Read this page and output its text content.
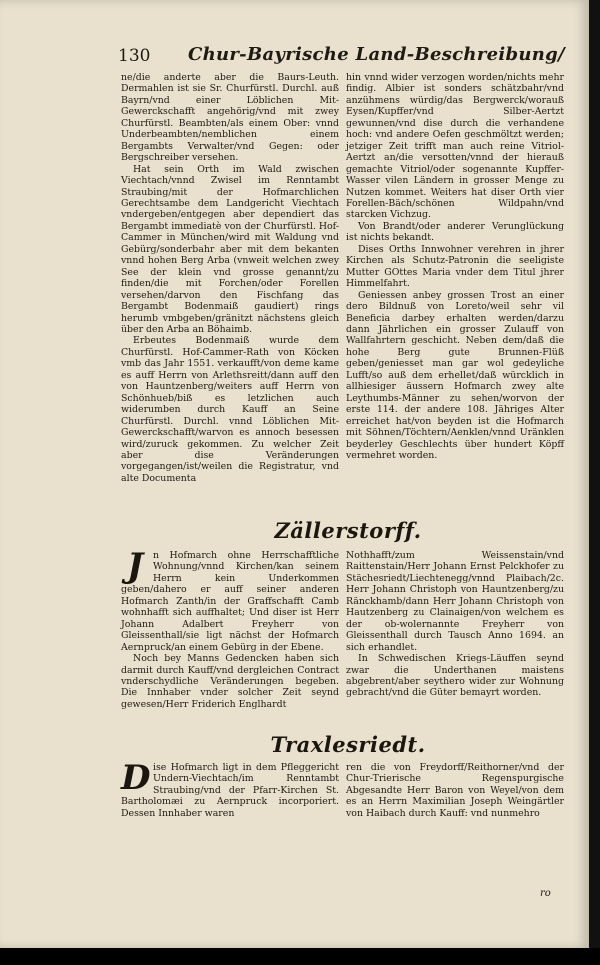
130 Chur-Bayrische Land-Beschreibung/

ne/die anderte aber die Baurs-Leuth. Dermahlen ist sie Sr. Churfürstl. Durchl. auß Bayrn/vnd einer Löblichen Mit-Gewerckschafft angehörig/vnd mit zwey Churfürstl. Beambten/als einem Ober: vnnd Underbeambten/nemblichen einem Bergambts Verwalter/vnd Gegen: oder Bergschreiber versehen.

Hat sein Orth im Wald zwischen Viechtach/vnnd Zwisel im Renntambt Straubing/mit der Hofmarchlichen Gerechtsambe dem Landgericht Viechtach vndergeben/entgegen aber dependiert das Bergambt immediatè von der Churfürstl. Hof-Cammer in München/wird mit Waldung vnd Gebürg/sonderbahr aber mit dem bekanten vnnd hohen Berg Arba (vnweit welchen zwey See der klein vnd grosse genannt/zu finden/die mit Forchen/oder Forellen versehen/darvon den Fischfang das Bergambt Bodenmaiß gaudiert) rings herumb vmbgeben/gränitzt nächstens gleich über den Arba an Böhaimb.

Erbeutes Bodenmaiß wurde dem Churfürstl. Hof-Cammer-Rath von Köcken vmb das Jahr 1551. verkaufft/von deme kame es auff Herrn von Arlethsreitt/dann auff den von Hauntzenberg/weiters auff Herrn von Schönhueb/biß es letzlichen auch widerumben durch Kauff an Seine Churfürstl. Durchl. vnnd Löblichen Mit-Gewerckschafft/warvon es annoch besessen wird/zuruck gekommen. Zu welcher Zeit aber dise Veränderungen vorgegangen/ist/weilen die Registratur, vnd alte Documenta

hin vnnd wider verzogen worden/nichts mehr findig. Albier ist sonders schätzbahr/vnd anzühmens würdig/das Bergwerck/worauß Eysen/Kupffer/vnd Silber-Aertzt gewunnen/vnd dise durch die verhandene hoch: vnd andere Oefen geschmöltzt werden; jetziger Zeit trifft man auch reine Vitriol-Aertzt an/die versotten/vnnd der hierauß gemachte Vitriol/oder sogenannte Kupffer-Wasser vilen Ländern in grosser Menge zu Nutzen kommet. Weiters hat diser Orth vier Forellen-Bäch/schönen Wildpahn/vnd starcken Vichzug.

Von Brandt/oder anderer Verunglückung ist nichts bekandt.

Dises Orths Innwohner verehren in jhrer Kirchen als Schutz-Patronin die seeligiste Mutter GOttes Maria vnder dem Titul jhrer Himmelfahrt.

Geniessen anbey grossen Trost an einer dero Bildnuß von Loreto/weil sehr vil Beneficia darbey erhalten werden/darzu dann Jährlichen ein grosser Zulauff von Wallfahrtern geschicht. Neben dem/daß die hohe Berg gute Brunnen-Flüß geben/geniesset man gar wol gedeyliche Lufft/so auß dem erhellet/daß würcklich in allhiesiger äussern Hofmarch zwey alte Leythumbs-Männer zu sehen/worvon der erste 114. der andere 108. Jähriges Alter erreichet hat/von beyden ist die Hofmarch mit Söhnen/Töchtern/Aenklen/vnnd Uränklen beyderley Geschlechts über hundert Köpff vermehret worden.

Zällerstorff.

J	n Hofmarch ohne Herrschafftliche Wohnung/vnnd Kirchen/kan seinem Herrn kein Underkommen geben/dahero er auff seiner anderen Hofmarch Zanth/in der Graffschafft Camb wohnhafft sich auffhaltet; Und diser ist Herr Johann Adalbert Freyherr von Gleissenthall/sie ligt nächst der Hofmarch Aernpruck/an einem Gebürg in der Ebene.

Noch bey Manns Gedencken haben sich darmit durch Kauff/vnd dergleichen Contract vnderschydliche Veränderungen begeben. Die Innhaber vnder solcher Zeit seynd gewesen/Herr Friderich Englhardt

Nothhafft/zum Weissenstain/vnd Raittenstain/Herr Johann Ernst Pelckhofer zu Stächesriedt/Liechtenegg/vnnd Plaibach/2c. Herr Johann Christoph von Hauntzenberg/zu Ränckhamb/dann Herr Johann Christoph von Hautzenberg zu Clainaigen/von welchem es der ob-wolernannte Freyherr von Gleissenthall durch Tausch Anno 1694. an sich erhandlet.

In Schwedischen Kriegs-Läuffen seynd zwar die Underthanen maistens abgebrent/aber seythero wider zur Wohnung gebracht/vnd die Güter bemayrt worden.

Traxlesriedt.

Dise Hofmarch ligt in dem Pfleggericht Undern-Viechtach/im Renntambt Straubing/vnd der Pfarr-Kirchen St. Bartholomæi zu Aernpruck incorporiert. Dessen Innhaber waren

ren die von Freydorff/Reithorner/vnd der Chur-Trierische Regenspurgische Abgesandte Herr Baron von Weyel/von dem es an Herrn Maximilian Joseph Weingärtler von Haibach durch Kauff: vnd nunmehro

ro
